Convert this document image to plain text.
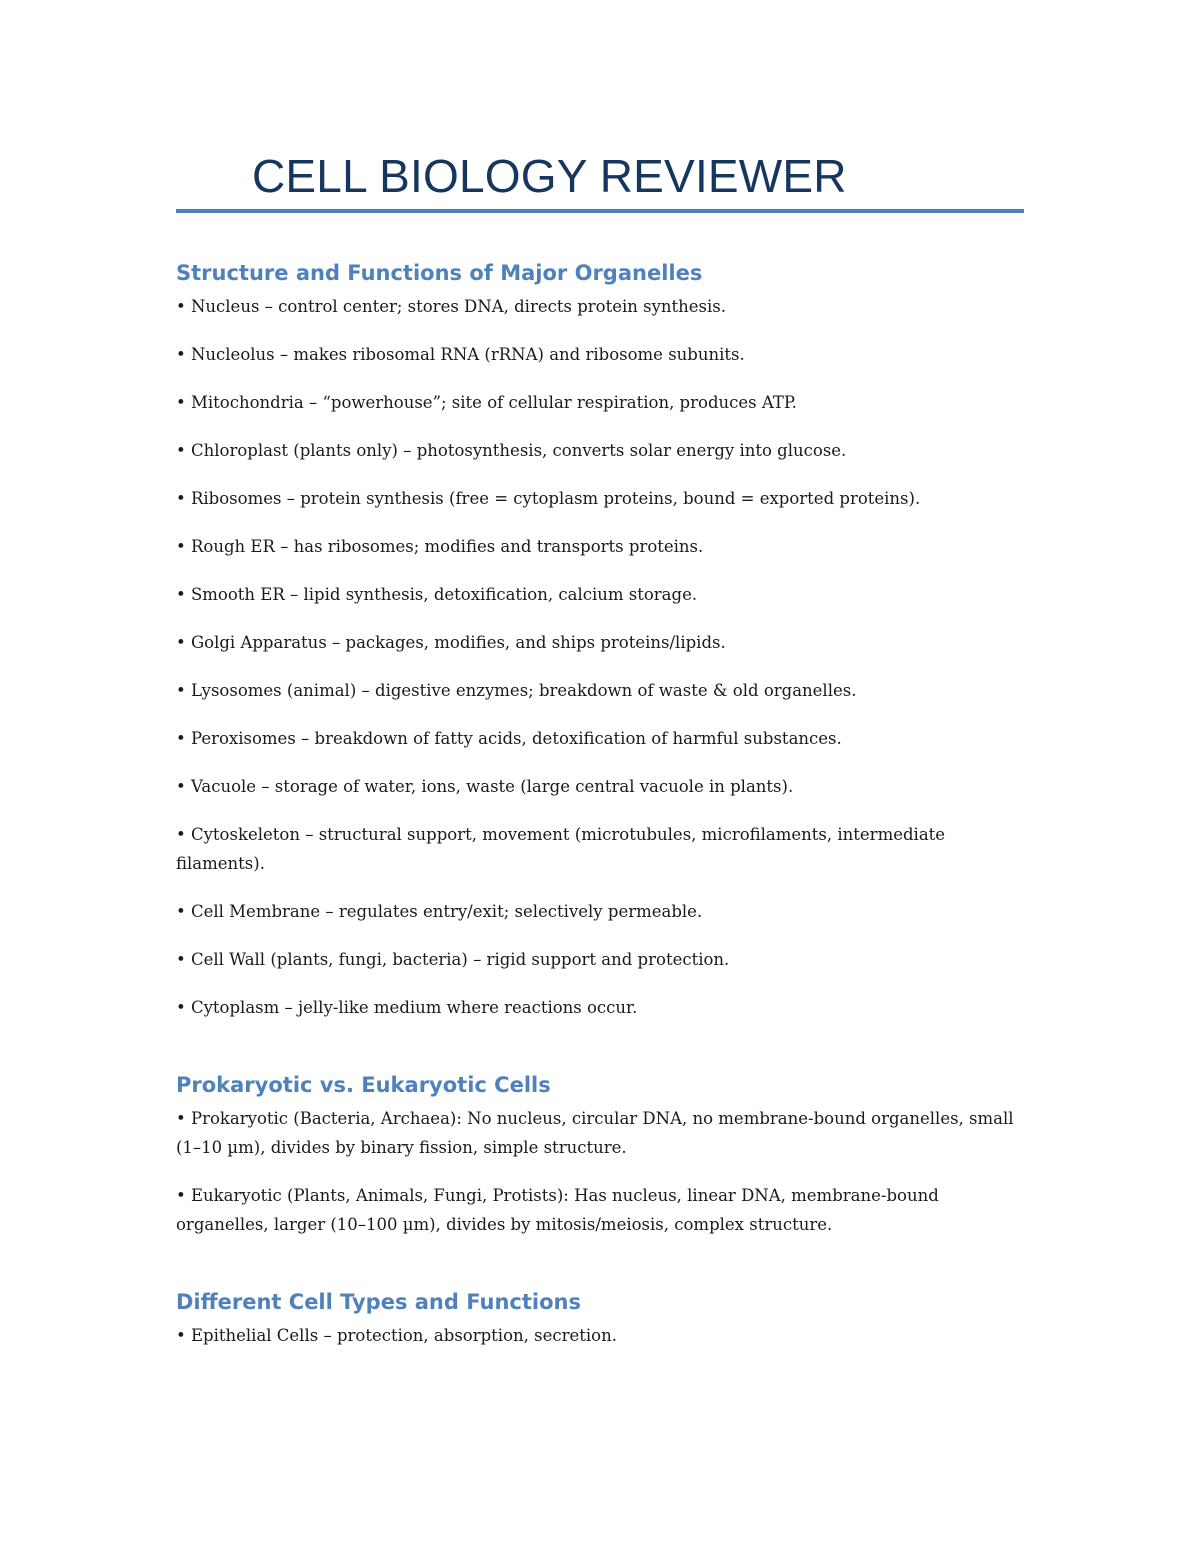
CELL BIOLOGY REVIEWER
Structure and Functions of Major Organelles
• Nucleus – control center; stores DNA, directs protein synthesis.
• Nucleolus – makes ribosomal RNA (rRNA) and ribosome subunits.
• Mitochondria – “powerhouse”; site of cellular respiration, produces ATP.
• Chloroplast (plants only) – photosynthesis, converts solar energy into glucose.
• Ribosomes – protein synthesis (free = cytoplasm proteins, bound = exported proteins).
• Rough ER – has ribosomes; modifies and transports proteins.
• Smooth ER – lipid synthesis, detoxification, calcium storage.
• Golgi Apparatus – packages, modifies, and ships proteins/lipids.
• Lysosomes (animal) – digestive enzymes; breakdown of waste & old organelles.
• Peroxisomes – breakdown of fatty acids, detoxification of harmful substances.
• Vacuole – storage of water, ions, waste (large central vacuole in plants).
• Cytoskeleton – structural support, movement (microtubules, microfilaments, intermediate filaments).
• Cell Membrane – regulates entry/exit; selectively permeable.
• Cell Wall (plants, fungi, bacteria) – rigid support and protection.
• Cytoplasm – jelly-like medium where reactions occur.
Prokaryotic vs. Eukaryotic Cells
• Prokaryotic (Bacteria, Archaea): No nucleus, circular DNA, no membrane-bound organelles, small (1–10 µm), divides by binary fission, simple structure.
• Eukaryotic (Plants, Animals, Fungi, Protists): Has nucleus, linear DNA, membrane-bound organelles, larger (10–100 µm), divides by mitosis/meiosis, complex structure.
Different Cell Types and Functions
• Epithelial Cells – protection, absorption, secretion.
